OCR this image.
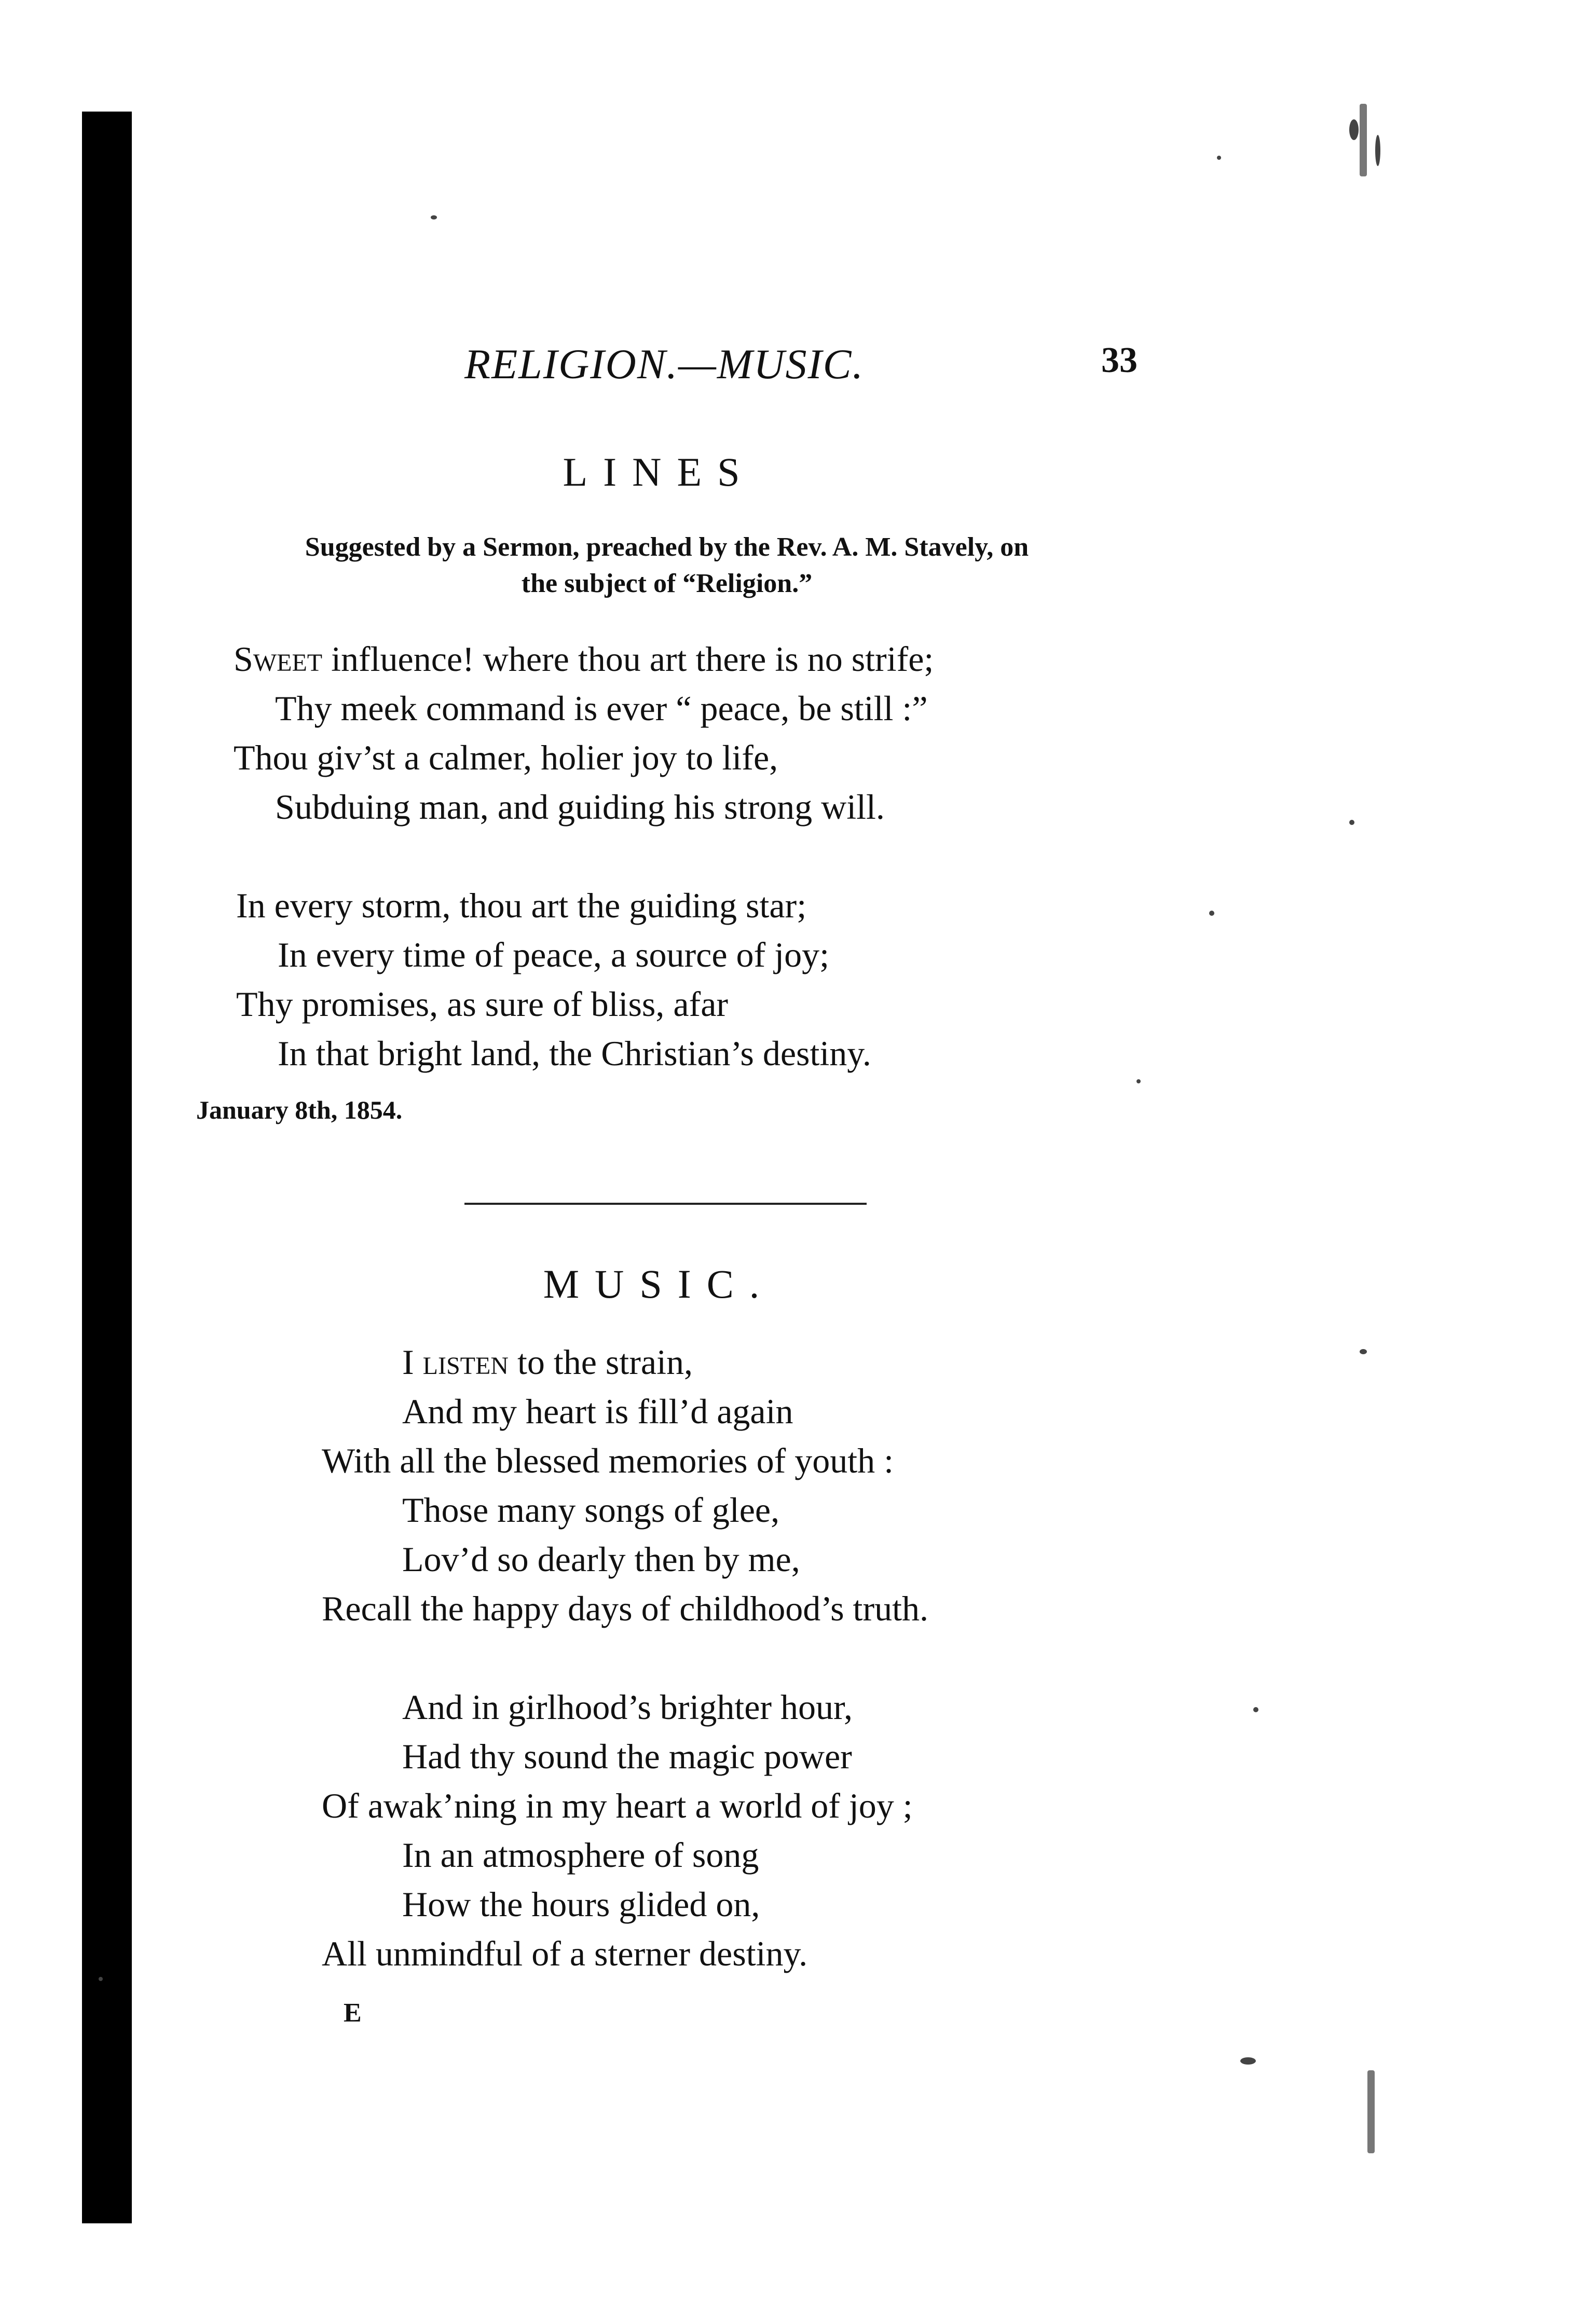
RELIGION.—MUSIC.	33
LINES
Suggested by a Sermon, preached by the Rev. A. M. Stavely, on
the subject of “Religion.”
Sweet influence! where thou art there is no strife;
Thy meek command is ever “ peace, be still :”
Thou giv’st a calmer, holier joy to life,
Subduing man, and guiding his strong will.
In every storm, thou art the guiding star;
In every time of peace, a source of joy;
Thy promises, as sure of bliss, afar
In that bright land, the Christian’s destiny.
January 8th, 1854.
MUSIC.
I listen to the strain,
And my heart is fill’d again
With all the blessed memories of youth :
Those many songs of glee,
Lov’d so dearly then by me,
Recall the happy days of childhood’s truth.
And in girlhood’s brighter hour,
Had thy sound the magic power
Of awak’ning in my heart a world of joy ;
In an atmosphere of song
How the hours glided on,
All unmindful of a sterner destiny.
E
